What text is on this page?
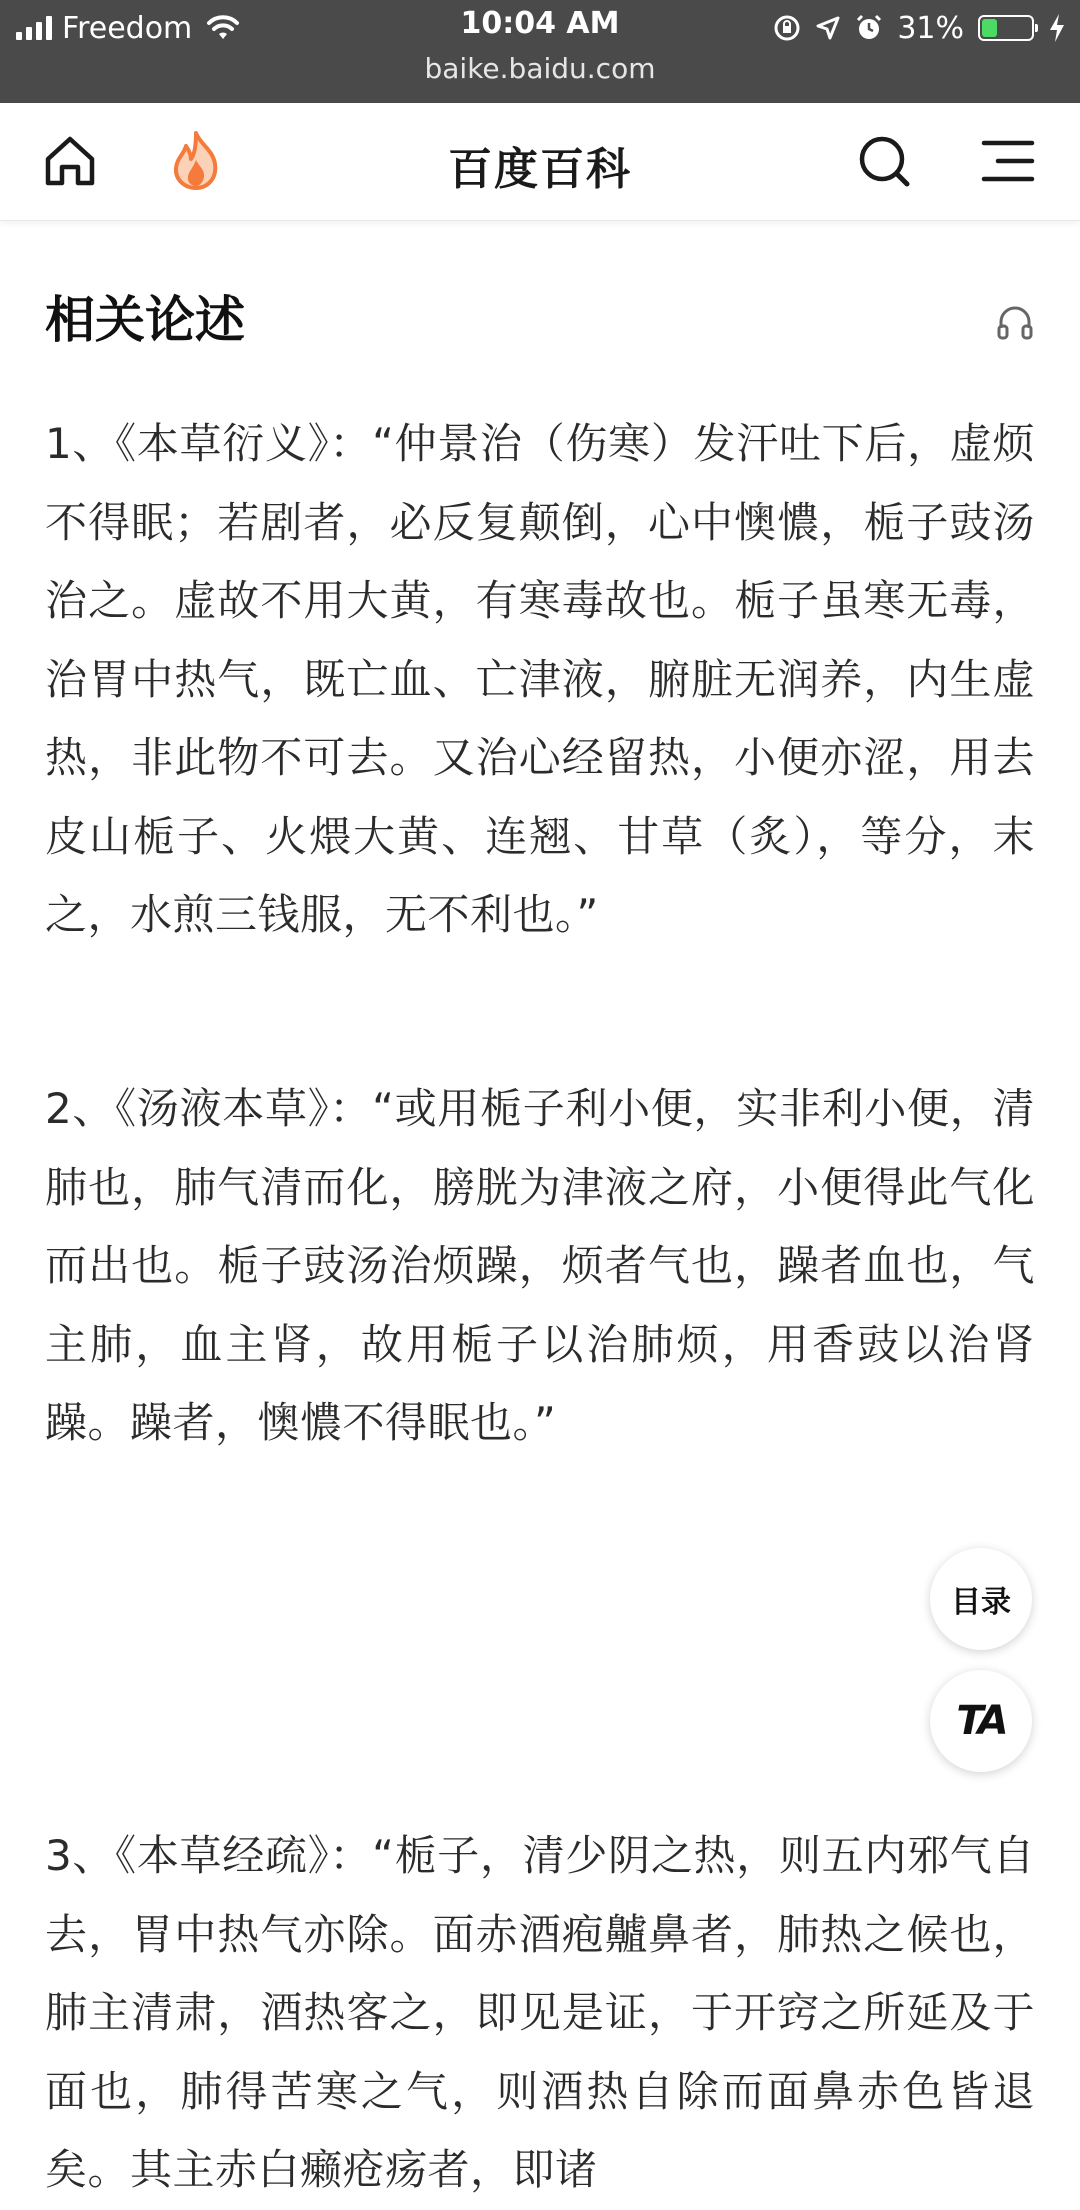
Freedom	10:04 AM
baike.baidu.com
31%
百度百科
相关论述

1、《本草衍义》：“仲景治（伤寒）发汗吐下后，虚烦不得眠；若剧者，必反复颠倒，心中懊憹，栀子豉汤治之。虚故不用大黄，有寒毒故也。栀子虽寒无毒，治胃中热气，既亡血、亡津液，腑脏无润养，内生虚热，非此物不可去。又治心经留热，小便亦涩，用去皮山栀子、火煨大黄、连翘、甘草（炙），等分，末之，水煎三钱服，无不利也。”

2、《汤液本草》：“或用栀子利小便，实非利小便，清肺也，肺气清而化，膀胱为津液之府，小便得此气化而出也。栀子豉汤治烦躁，烦者气也，躁者血也，气主肺，血主肾，故用栀子以治肺烦，用香豉以治肾躁。躁者，懊憹不得眠也。”

3、《本草经疏》：“栀子，清少阴之热，则五内邪气自去，胃中热气亦除。面赤酒疱齇鼻者，肺热之候也，肺主清肃，酒热客之，即见是证，于开窍之所延及于面也，肺得苦寒之气，则酒热自除而面鼻赤色皆退矣。其主赤白癞疮疡者，即诸

目录
TA
